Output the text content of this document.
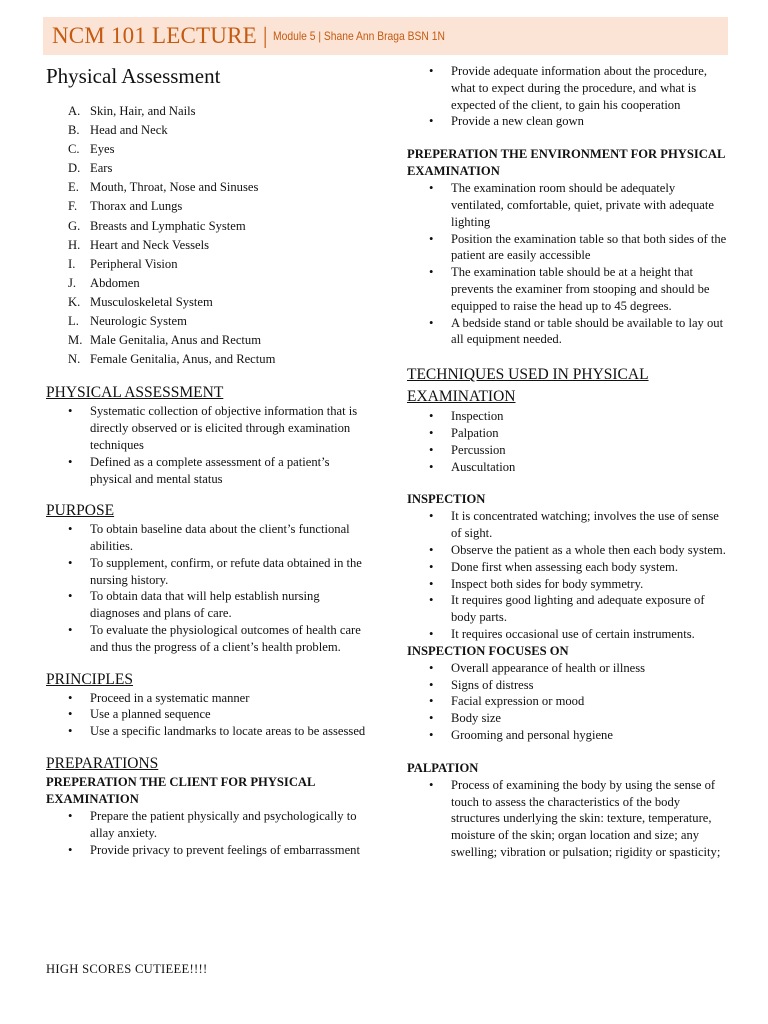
NCM 101 LECTURE | Module 5 | Shane Ann Braga BSN 1N
Physical Assessment
A. Skin, Hair, and Nails
B. Head and Neck
C. Eyes
D. Ears
E. Mouth, Throat, Nose and Sinuses
F.	Thorax and Lungs
G. Breasts and Lymphatic System
H. Heart and Neck Vessels
I.	Peripheral Vision
J.	Abdomen
K. Musculoskeletal System
L. Neurologic System
M. Male Genitalia, Anus and Rectum
N. Female Genitalia, Anus, and Rectum
PHYSICAL ASSESSMENT
• Systematic collection of objective information that is directly observed or is elicited through examination techniques
• Defined as a complete assessment of a patient’s physical and mental status
PURPOSE
• To obtain baseline data about the client’s functional abilities.
• To supplement, confirm, or refute data obtained in the nursing history.
• To obtain data that will help establish nursing diagnoses and plans of care.
• To evaluate the physiological outcomes of health care and thus the progress of a client’s health problem.
PRINCIPLES
• Proceed in a systematic manner
• Use a planned sequence
• Use a specific landmarks to locate areas to be assessed
PREPARATIONS
PREPERATION THE CLIENT FOR PHYSICAL EXAMINATION
• Prepare the patient physically and psychologically to allay anxiety.
• Provide privacy to prevent feelings of embarrassment
• Provide adequate information about the procedure, what to expect during the procedure, and what is expected of the client, to gain his cooperation
• Provide a new clean gown
PREPERATION THE ENVIRONMENT FOR PHYSICAL EXAMINATION
• The examination room should be adequately ventilated, comfortable, quiet, private with adequate lighting
• Position the examination table so that both sides of the patient are easily accessible
• The examination table should be at a height that prevents the examiner from stooping and should be equipped to raise the head up to 45 degrees.
• A bedside stand or table should be available to lay out all equipment needed.
TECHNIQUES USED IN PHYSICAL EXAMINATION
• Inspection
• Palpation
• Percussion
• Auscultation
INSPECTION
• It is concentrated watching; involves the use of sense of sight.
• Observe the patient as a whole then each body system.
• Done first when assessing each body system.
• Inspect both sides for body symmetry.
• It requires good lighting and adequate exposure of body parts.
• It requires occasional use of certain instruments.
INSPECTION FOCUSES ON
• Overall appearance of health or illness
• Signs of distress
• Facial expression or mood
• Body size
• Grooming and personal hygiene
PALPATION
• Process of examining the body by using the sense of touch to assess the characteristics of the body structures underlying the skin: texture, temperature, moisture of the skin; organ location and size; any swelling; vibration or pulsation; rigidity or spasticity;
HIGH SCORES CUTIEEE!!!!
